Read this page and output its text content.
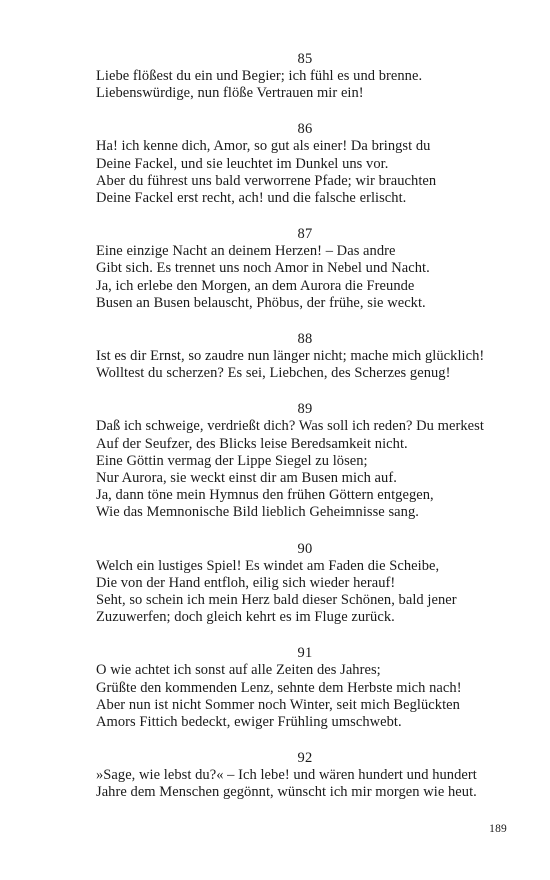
85
Liebe flößest du ein und Begier; ich fühl es und brenne.
Liebenswürdige, nun flöße Vertrauen mir ein!
86
Ha! ich kenne dich, Amor, so gut als einer! Da bringst du
Deine Fackel, und sie leuchtet im Dunkel uns vor.
Aber du führest uns bald verworrene Pfade; wir brauchten
Deine Fackel erst recht, ach! und die falsche erlischt.
87
Eine einzige Nacht an deinem Herzen! – Das andre
Gibt sich. Es trennet uns noch Amor in Nebel und Nacht.
Ja, ich erlebe den Morgen, an dem Aurora die Freunde
Busen an Busen belauscht, Phöbus, der frühe, sie weckt.
88
Ist es dir Ernst, so zaudre nun länger nicht; mache mich glücklich!
Wolltest du scherzen? Es sei, Liebchen, des Scherzes genug!
89
Daß ich schweige, verdrießt dich? Was soll ich reden? Du merkest
Auf der Seufzer, des Blicks leise Beredsamkeit nicht.
Eine Göttin vermag der Lippe Siegel zu lösen;
Nur Aurora, sie weckt einst dir am Busen mich auf.
Ja, dann töne mein Hymnus den frühen Göttern entgegen,
Wie das Memnonische Bild lieblich Geheimnisse sang.
90
Welch ein lustiges Spiel! Es windet am Faden die Scheibe,
Die von der Hand entfloh, eilig sich wieder herauf!
Seht, so schein ich mein Herz bald dieser Schönen, bald jener
Zuzuwerfen; doch gleich kehrt es im Fluge zurück.
91
O wie achtet ich sonst auf alle Zeiten des Jahres;
Grüßte den kommenden Lenz, sehnte dem Herbste mich nach!
Aber nun ist nicht Sommer noch Winter, seit mich Beglückten
Amors Fittich bedeckt, ewiger Frühling umschwebt.
92
»Sage, wie lebst du?« – Ich lebe! und wären hundert und hundert
Jahre dem Menschen gegönnt, wünscht ich mir morgen wie heut.
189
